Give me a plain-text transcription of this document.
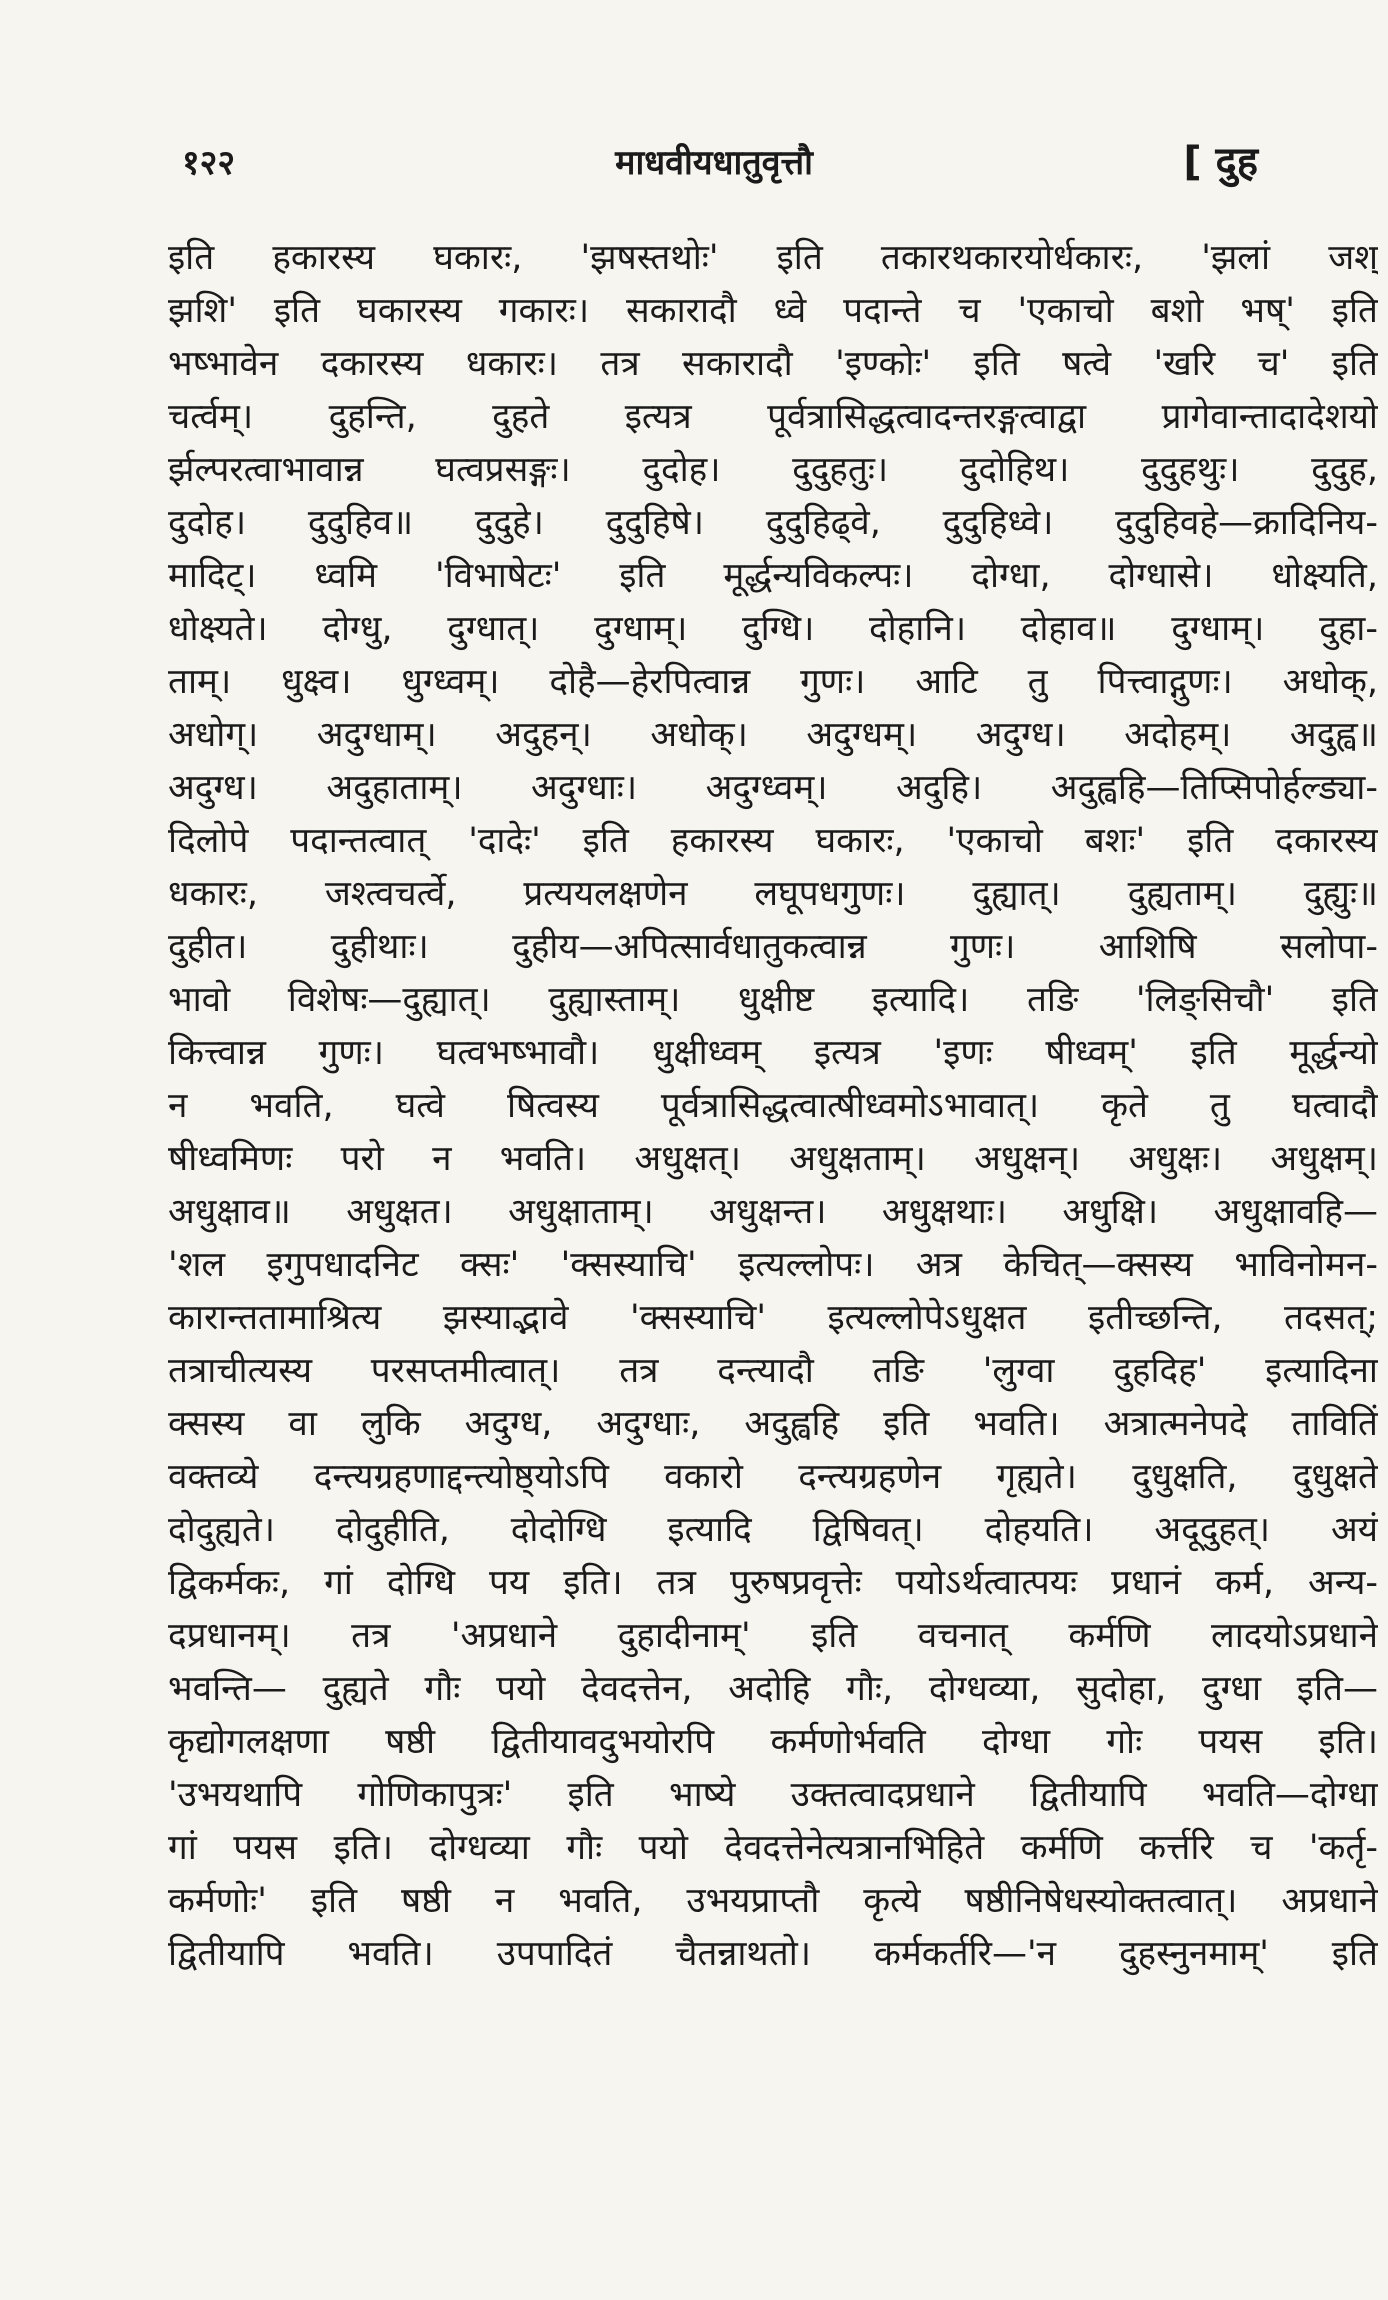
१२२	माधवीयधातुवृत्तौ	[ दुह
इति हकारस्य घकारः, 'झषस्तथोः' इति तकारथकारयोर्धकारः, 'झलां जश्
झशि' इति घकारस्य गकारः। सकारादौ ध्वे पदान्ते च 'एकाचो बशो भष्' इति
भष्भावेन दकारस्य धकारः। तत्र सकारादौ 'इण्कोः' इति षत्वे 'खरि च' इति
चर्त्वम्। दुहन्ति, दुहते इत्यत्र पूर्वत्रासिद्धत्वादन्तरङ्गत्वाद्वा प्रागेवान्तादादेशयो
र्झल्परत्वाभावान्न घत्वप्रसङ्गः। दुदोह। दुदुहतुः। दुदोहिथ। दुदुहथुः। दुदुह,
दुदोह। दुदुहिव॥ दुदुहे। दुदुहिषे। दुदुहिढ्वे, दुदुहिध्वे। दुदुहिवहे—क्रादिनिय-
मादिट्। ध्वमि 'विभाषेटः' इति मूर्द्धन्यविकल्पः। दोग्धा, दोग्धासे। धोक्ष्यति,
धोक्ष्यते। दोग्धु, दुग्धात्। दुग्धाम्। दुग्धि। दोहानि। दोहाव॥ दुग्धाम्। दुहा-
ताम्। धुक्ष्व। धुग्ध्वम्। दोहै—हेरपित्वान्न गुणः। आटि तु पित्त्वाद्गुणः। अधोक्,
अधोग्। अदुग्धाम्। अदुहन्। अधोक्। अदुग्धम्। अदुग्ध। अदोहम्। अदुह्व॥
अदुग्ध। अदुहाताम्। अदुग्धाः। अदुग्ध्वम्। अदुहि। अदुह्वहि—तिप्सिपोर्हल्ड्या-
दिलोपे पदान्तत्वात् 'दादेः' इति हकारस्य घकारः, 'एकाचो बशः' इति दकारस्य
धकारः, जश्त्वचर्त्वे, प्रत्ययलक्षणेन लघूपधगुणः। दुह्यात्। दुह्यताम्। दुह्युः॥
दुहीत। दुहीथाः। दुहीय—अपित्सार्वधातुकत्वान्न गुणः। आशिषि सलोपा-
भावो विशेषः—दुह्यात्। दुह्यास्ताम्। धुक्षीष्ट इत्यादि। तङि 'लिङ्सिचौ' इति
कित्त्वान्न गुणः। घत्वभष्भावौ। धुक्षीध्वम् इत्यत्र 'इणः षीध्वम्' इति मूर्द्धन्यो
न भवति, घत्वे षित्वस्य पूर्वत्रासिद्धत्वात्षीध्वमोऽभावात्। कृते तु घत्वादौ
षीध्वमिणः परो न भवति। अधुक्षत्। अधुक्षताम्। अधुक्षन्। अधुक्षः। अधुक्षम्।
अधुक्षाव॥ अधुक्षत। अधुक्षाताम्। अधुक्षन्त। अधुक्षथाः। अधुक्षि। अधुक्षावहि—
'शल इगुपधादनिट क्सः' 'क्सस्याचि' इत्यल्लोपः। अत्र केचित्—क्सस्य भाविनोमन-
कारान्ततामाश्रित्य झस्याद्भावे 'क्सस्याचि' इत्यल्लोपेऽधुक्षत इतीच्छन्ति, तदसत्;
तत्राचीत्यस्य परसप्तमीत्वात्। तत्र दन्त्यादौ तङि 'लुग्वा दुहदिह' इत्यादिना
क्सस्य वा लुकि अदुग्ध, अदुग्धाः, अदुह्वहि इति भवति। अत्रात्मनेपदे तावितिं
वक्तव्ये दन्त्यग्रहणाद्दन्त्योष्ठ्योऽपि वकारो दन्त्यग्रहणेन गृह्यते। दुधुक्षति, दुधुक्षते
दोदुह्यते। दोदुहीति, दोदोग्धि इत्यादि द्विषिवत्। दोहयति। अदूदुहत्। अयं
द्विकर्मकः, गां दोग्धि पय इति। तत्र पुरुषप्रवृत्तेः पयोऽर्थत्वात्पयः प्रधानं कर्म, अन्य-
दप्रधानम्। तत्र 'अप्रधाने दुहादीनाम्' इति वचनात् कर्मणि लादयोऽप्रधाने
भवन्ति— दुह्यते गौः पयो देवदत्तेन, अदोहि गौः, दोग्धव्या, सुदोहा, दुग्धा इति—
कृद्योगलक्षणा षष्ठी द्वितीयावदुभयोरपि कर्मणोर्भवति दोग्धा गोः पयस इति।
'उभयथापि गोणिकापुत्रः' इति भाष्ये उक्तत्वादप्रधाने द्वितीयापि भवति—दोग्धा
गां पयस इति। दोग्धव्या गौः पयो देवदत्तेनेत्यत्रानभिहिते कर्मणि कर्त्तरि च 'कर्तृ-
कर्मणोः' इति षष्ठी न भवति, उभयप्राप्तौ कृत्ये षष्ठीनिषेधस्योक्तत्वात्। अप्रधाने
द्वितीयापि भवति। उपपादितं चैतन्नाथतो। कर्मकर्तरि—'न दुहस्नुनमाम्' इति
